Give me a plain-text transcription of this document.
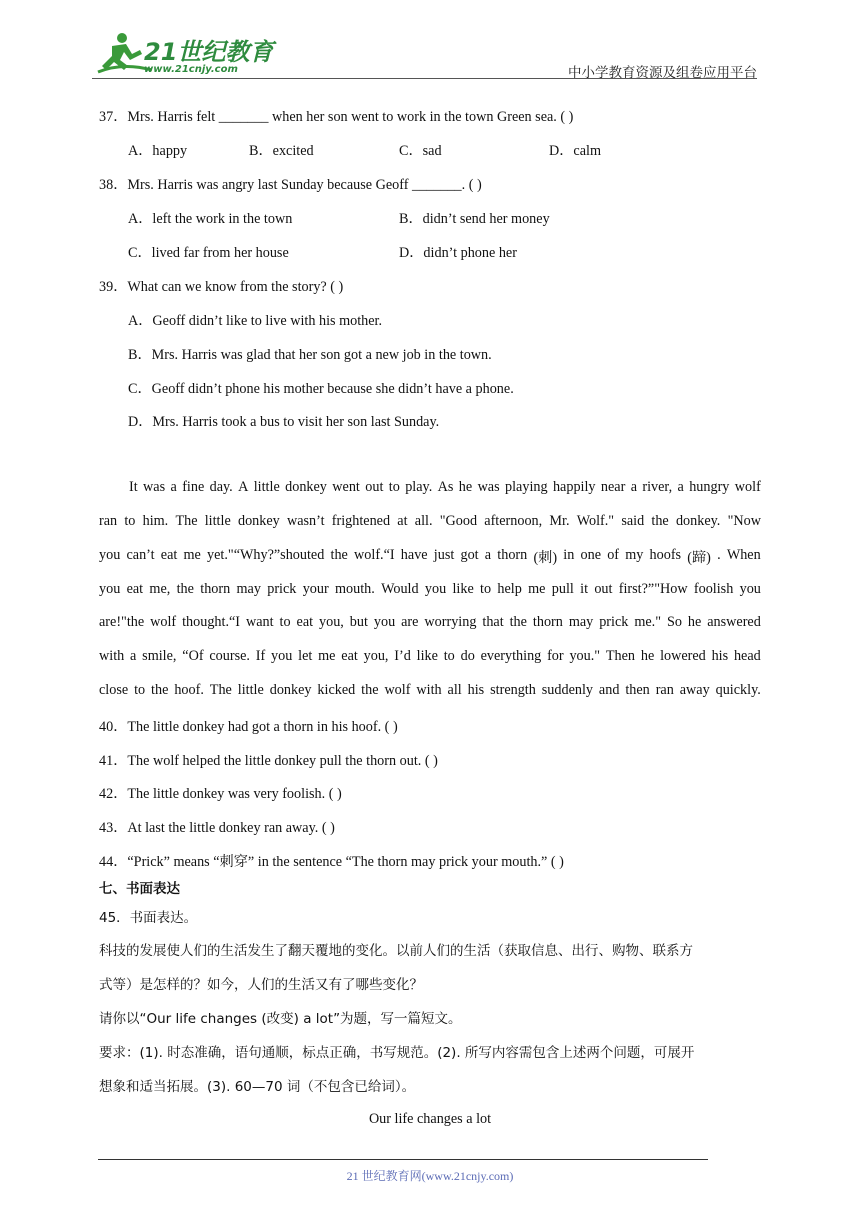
21世纪教育
www.21cnjy.com	中小学教育资源及组卷应用平台
37．Mrs. Harris felt _______ when her son went to work in the town Green sea. ( )
A．happy	B．excited	C．sad	D．calm
38．Mrs. Harris was angry last Sunday because Geoff _______. ( )
A．left the work in the town	B．didn’t send her money
C．lived far from her house	D．didn’t phone her
39．What can we know from the story? ( )
A．Geoff didn’t like to live with his mother.
B．Mrs. Harris was glad that her son got a new job in the town.
C．Geoff didn’t phone his mother because she didn’t have a phone.
D．Mrs. Harris took a bus to visit her son last Sunday.
It was a fine day. A little donkey went out to play. As he was playing happily near a river, a hungry wolf
ran to him. The little donkey wasn’t frightened at all. "Good afternoon, Mr. Wolf." said the donkey. "Now
you can’t eat me yet."“Why?”shouted the wolf.“I have just got a thorn (刺) in one of my hoofs (蹄) . When
you eat me, the thorn may prick your mouth. Would you like to help me pull it out first?”"How foolish you
are!"the wolf thought.“I want to eat you, but you are worrying that the thorn may prick me." So he answered
with a smile, “Of course. If you let me eat you, I’d like to do everything for you." Then he lowered his head
close to the hoof. The little donkey kicked the wolf with all his strength suddenly and then ran away quickly.
40．The little donkey had got a thorn in his hoof. ( )
41．The wolf helped the little donkey pull the thorn out. ( )
42．The little donkey was very foolish. ( )
43．At last the little donkey ran away. ( )
44．“Prick” means “刺穿” in the sentence “The thorn may prick your mouth.” ( )
七、书面表达
45．书面表达。
科技的发展使人们的生活发生了翻天覆地的变化。以前人们的生活（获取信息、出行、购物、联系方
式等）是怎样的？如今，人们的生活又有了哪些变化？
请你以“Our life changes (改变) a lot”为题，写一篇短文。
要求：(1). 时态准确，语句通顺，标点正确，书写规范。(2). 所写内容需包含上述两个问题，可展开
想象和适当拓展。(3). 60—70 词（不包含已给词）。
Our life changes a lot
21 世纪教育网(www.21cnjy.com)
